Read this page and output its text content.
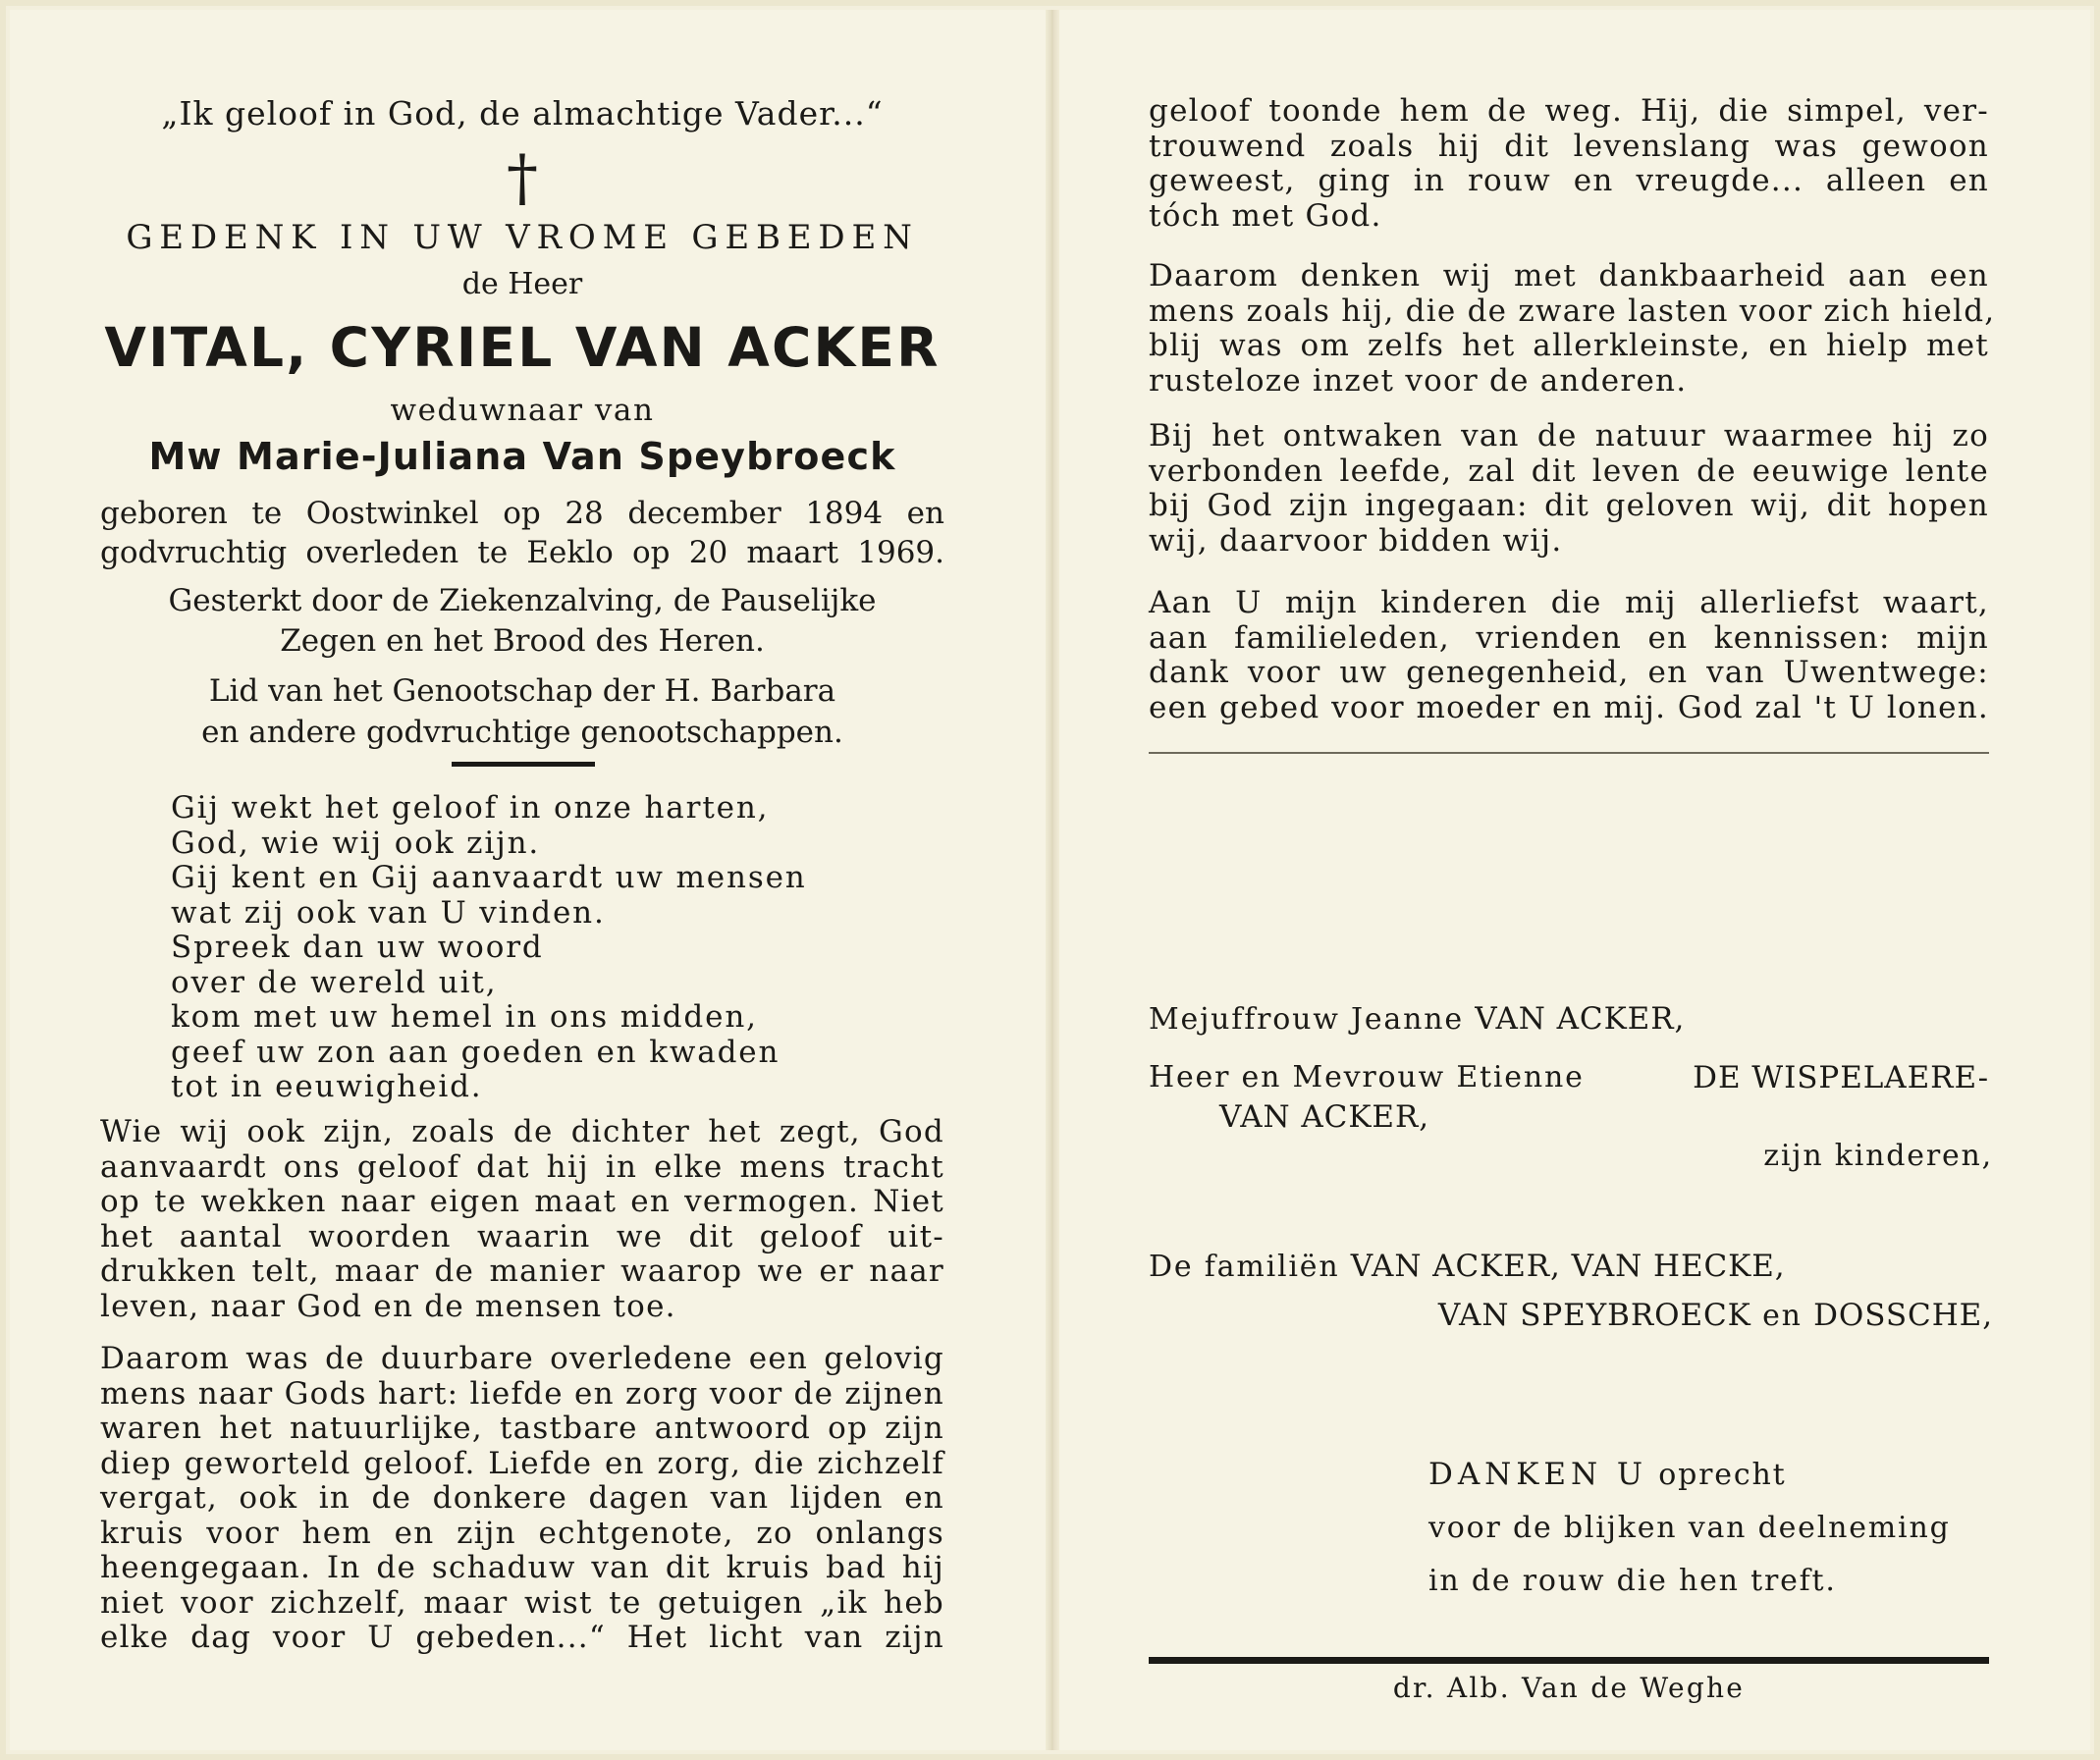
„Ik geloof in God, de almachtige Vader...“

†

GEDENK IN UW VROME GEBEDEN

de Heer

VITAL, CYRIEL VAN ACKER

weduwnaar van

Mw Marie-Juliana Van Speybroeck

geboren te Oostwinkel op 28 december 1894 en

godvruchtig overleden te Eeklo op 20 maart 1969.

Gesterkt door de Ziekenzalving, de Pauselijke
Zegen en het Brood des Heren.
Lid van het Genootschap der H. Barbara
en andere godvruchtige genootschappen.
Gij wekt het geloof in onze harten,
God, wie wij ook zijn.
Gij kent en Gij aanvaardt uw mensen
wat zij ook van U vinden.
Spreek dan uw woord
over de wereld uit,
kom met uw hemel in ons midden,
geef uw zon aan goeden en kwaden
tot in eeuwigheid.
Wie wij ook zijn, zoals de dichter het zegt, God
aanvaardt ons geloof dat hij in elke mens tracht
op te wekken naar eigen maat en vermogen. Niet
het aantal woorden waarin we dit geloof uit-
drukken telt, maar de manier waarop we er naar
leven, naar God en de mensen toe.
Daarom was de duurbare overledene een gelovig
mens naar Gods hart: liefde en zorg voor de zijnen
waren het natuurlijke, tastbare antwoord op zijn
diep geworteld geloof. Liefde en zorg, die zichzelf
vergat, ook in de donkere dagen van lijden en
kruis voor hem en zijn echtgenote, zo onlangs
heengegaan. In de schaduw van dit kruis bad hij
niet voor zichzelf, maar wist te getuigen „ik heb
elke dag voor U gebeden...“ Het licht van zijn
geloof toonde hem de weg. Hij, die simpel, ver-
trouwend zoals hij dit levenslang was gewoon
geweest, ging in rouw en vreugde... alleen en
tóch met God.
Daarom denken wij met dankbaarheid aan een
mens zoals hij, die de zware lasten voor zich hield,
blij was om zelfs het allerkleinste, en hielp met
rusteloze inzet voor de anderen.
Bij het ontwaken van de natuur waarmee hij zo
verbonden leefde, zal dit leven de eeuwige lente
bij God zijn ingegaan: dit geloven wij, dit hopen
wij, daarvoor bidden wij.
Aan U mijn kinderen die mij allerliefst waart,
aan familieleden, vrienden en kennissen: mijn
dank voor uw genegenheid, en van Uwentwege:
een gebed voor moeder en mij. God zal 't U lonen.
Mejuffrouw Jeanne VAN ACKER,
Heer en Mevrouw Etienne	DE WISPELAERE-
VAN ACKER,
zijn kinderen,
De familiën VAN ACKER, VAN HECKE,
VAN SPEYBROECK en DOSSCHE,
DANKEN U oprecht
voor de blijken van deelneming
in de rouw die hen treft.

dr. Alb. Van de Weghe
